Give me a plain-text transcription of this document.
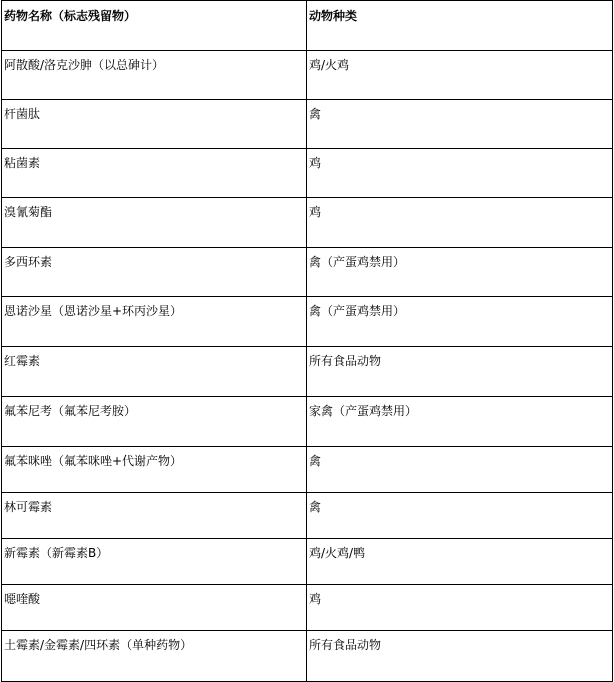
药物名称（标志残留物）	动物种类
阿散酸/洛克沙胂（以总砷计）	鸡/火鸡
杆菌肽	禽
粘菌素	鸡
溴氰菊酯	鸡
多西环素	禽（产蛋鸡禁用）
恩诺沙星（恩诺沙星+环丙沙星）	禽（产蛋鸡禁用）
红霉素	所有食品动物
氟苯尼考（氟苯尼考胺）	家禽（产蛋鸡禁用）
氟苯咪唑（氟苯咪唑+代谢产物）	禽
林可霉素	禽
新霉素（新霉素B）	鸡/火鸡/鸭
噁喹酸	鸡
土霉素/金霉素/四环素（单种药物）	所有食品动物
